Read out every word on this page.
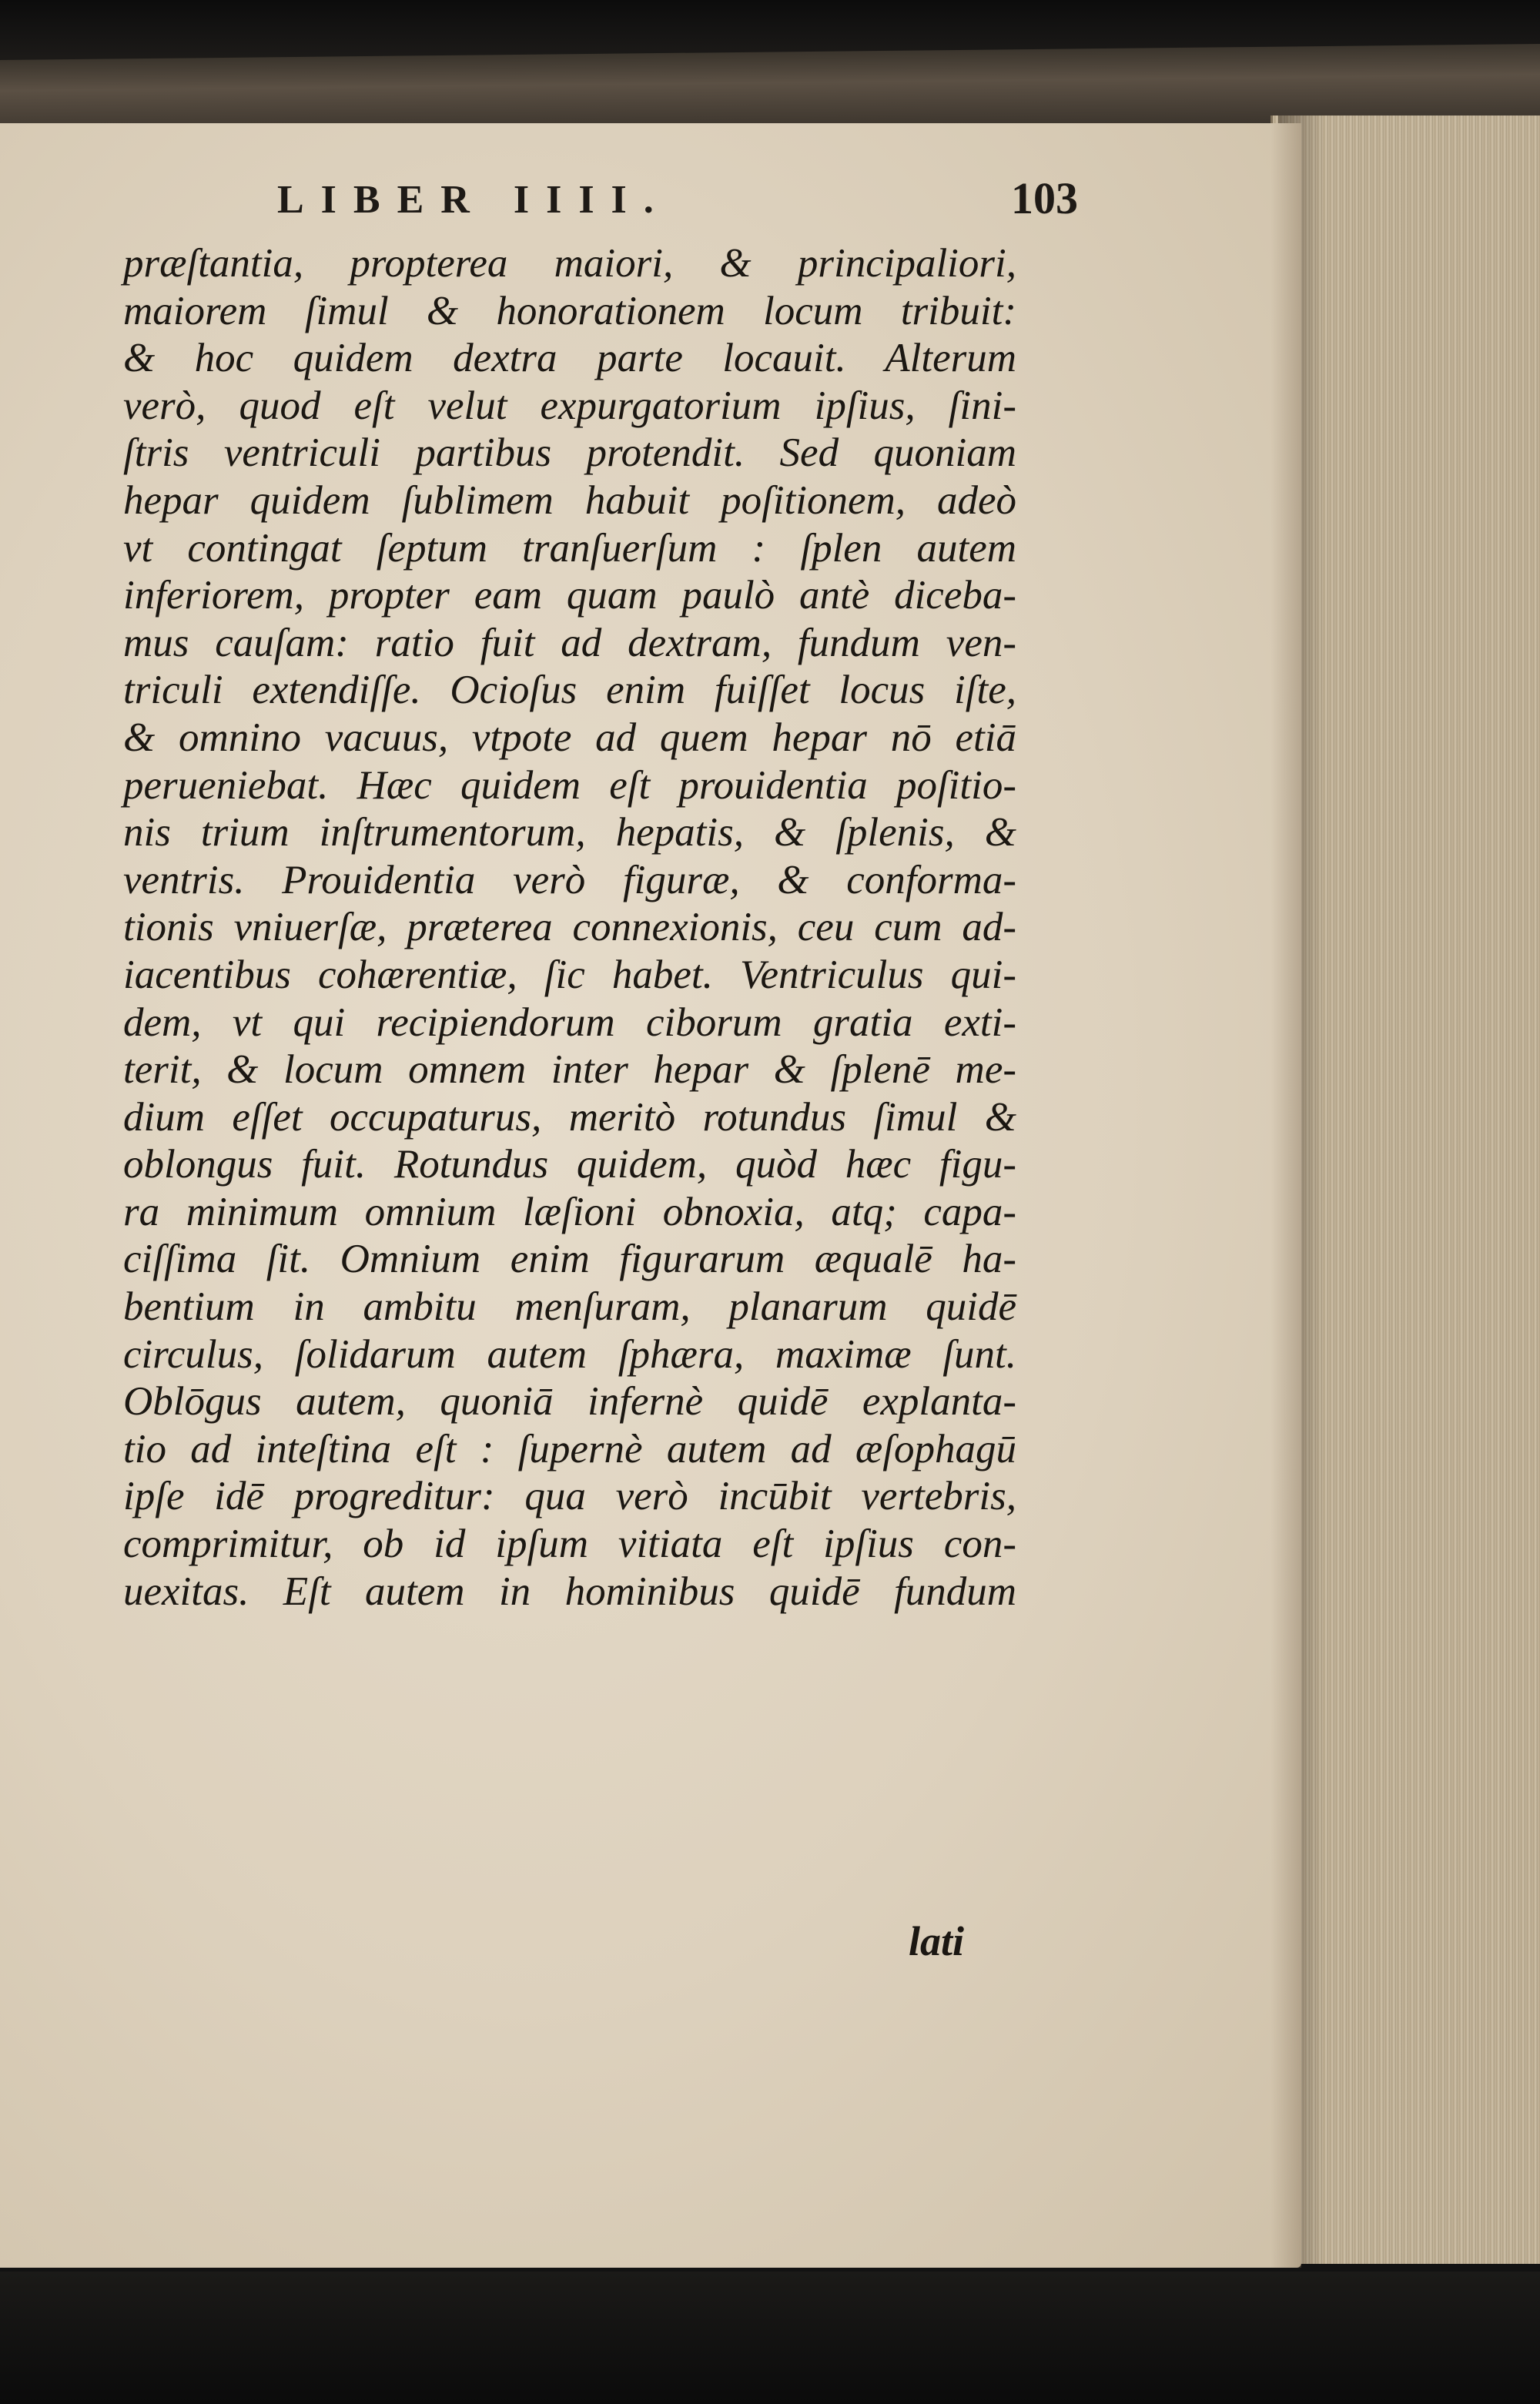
LIBER IIII.	103
præſtantia, propterea maiori, & principaliori,
maiorem ſimul & honorationem locum tribuit:
& hoc quidem dextra parte locauit. Alterum
verò, quod eſt velut expurgatorium ipſius, ſini-
ſtris ventriculi partibus protendit. Sed quoniam
hepar quidem ſublimem habuit poſitionem, adeò
vt contingat ſeptum tranſuerſum : ſplen autem
inferiorem, propter eam quam paulò antè diceba-
mus cauſam: ratio fuit ad dextram, fundum ven-
triculi extendiſſe. Ocioſus enim fuiſſet locus iſte,
& omnino vacuus, vtpote ad quem hepar nō etiā
perueniebat. Hæc quidem eſt prouidentia poſitio-
nis trium inſtrumentorum, hepatis, & ſplenis, &
ventris. Prouidentia verò figuræ, & conforma-
tionis vniuerſæ, præterea connexionis, ceu cum ad-
iacentibus cohærentiæ, ſic habet. Ventriculus qui-
dem, vt qui recipiendorum ciborum gratia exti-
terit, & locum omnem inter hepar & ſplenē me-
dium eſſet occupaturus, meritò rotundus ſimul &
oblongus fuit. Rotundus quidem, quòd hæc figu-
ra minimum omnium læſioni obnoxia, atq; capa-
ciſſima ſit. Omnium enim figurarum æqualē ha-
bentium in ambitu menſuram, planarum quidē
circulus, ſolidarum autem ſphæra, maximæ ſunt.
Oblōgus autem, quoniā infernè quidē explanta-
tio ad inteſtina eſt : ſupernè autem ad æſophagū
ipſe idē progreditur: qua verò incūbit vertebris,
comprimitur, ob id ipſum vitiata eſt ipſius con-
uexitas. Eſt autem in hominibus quidē fundum
lati
